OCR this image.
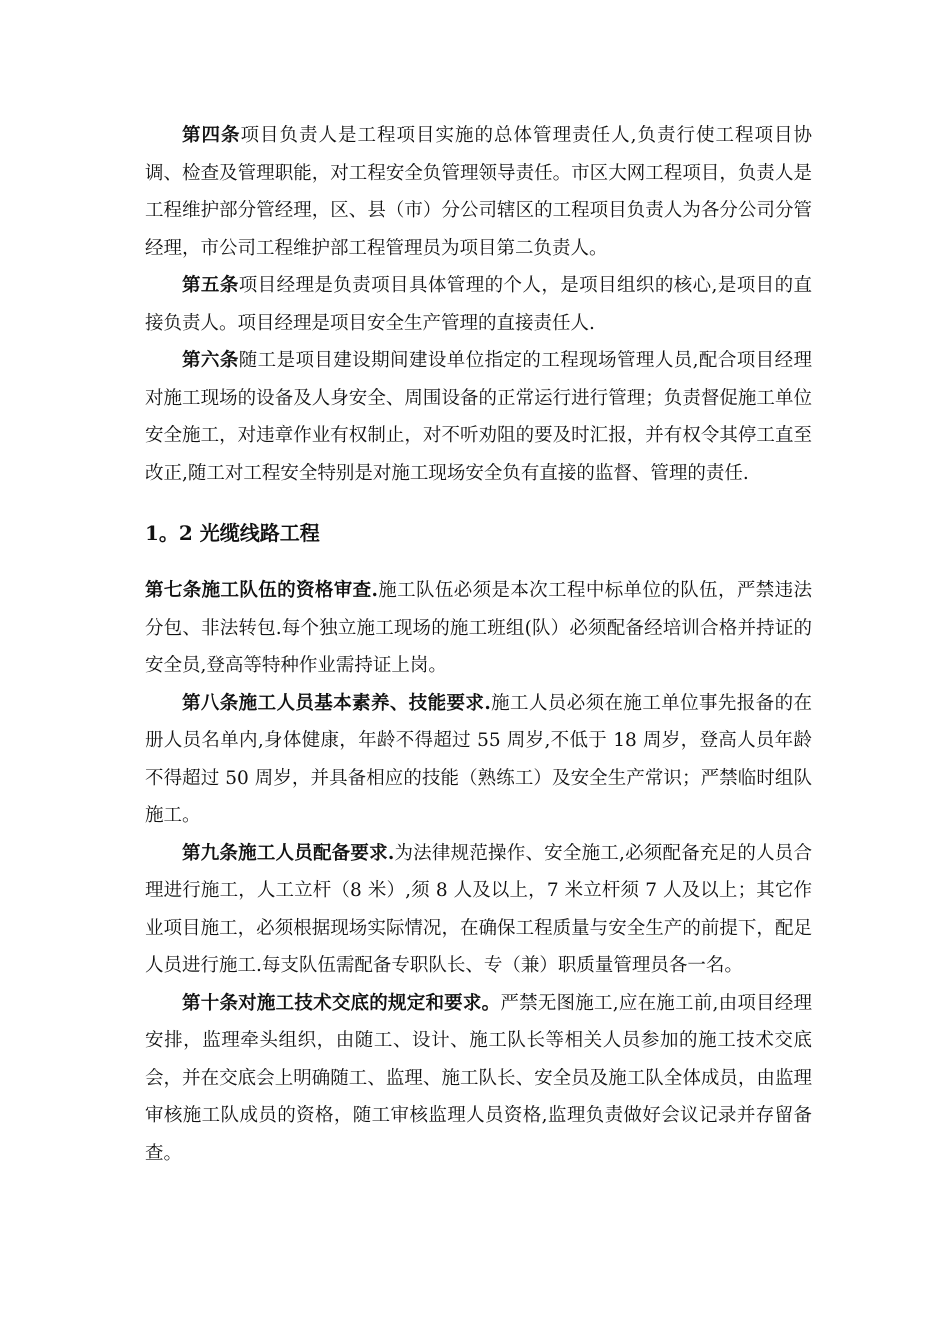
第四条项目负责人是工程项目实施的总体管理责任人,负责行使工程项目协调、检查及管理职能，对工程安全负管理领导责任。市区大网工程项目，负责人是工程维护部分管经理，区、县（市）分公司辖区的工程项目负责人为各分公司分管经理，市公司工程维护部工程管理员为项目第二负责人。

第五条项目经理是负责项目具体管理的个人，是项目组织的核心,是项目的直接负责人。项目经理是项目安全生产管理的直接责任人.

第六条随工是项目建设期间建设单位指定的工程现场管理人员,配合项目经理对施工现场的设备及人身安全、周围设备的正常运行进行管理；负责督促施工单位安全施工，对违章作业有权制止，对不听劝阻的要及时汇报，并有权令其停工直至改正,随工对工程安全特别是对施工现场安全负有直接的监督、管理的责任.

1。2 光缆线路工程

第七条施工队伍的资格审查.施工队伍必须是本次工程中标单位的队伍，严禁违法分包、非法转包.每个独立施工现场的施工班组(队）必须配备经培训合格并持证的安全员,登高等特种作业需持证上岗。

第八条施工人员基本素养、技能要求.施工人员必须在施工单位事先报备的在册人员名单内,身体健康，年龄不得超过 55 周岁,不低于 18 周岁，登高人员年龄不得超过 50 周岁，并具备相应的技能（熟练工）及安全生产常识；严禁临时组队施工。

第九条施工人员配备要求.为法律规范操作、安全施工,必须配备充足的人员合理进行施工，人工立杆（8 米）,须 8 人及以上，7 米立杆须 7 人及以上；其它作业项目施工，必须根据现场实际情况，在确保工程质量与安全生产的前提下，配足人员进行施工.每支队伍需配备专职队长、专（兼）职质量管理员各一名。

第十条对施工技术交底的规定和要求。严禁无图施工,应在施工前,由项目经理安排，监理牵头组织，由随工、设计、施工队长等相关人员参加的施工技术交底会，并在交底会上明确随工、监理、施工队长、安全员及施工队全体成员，由监理审核施工队成员的资格，随工审核监理人员资格,监理负责做好会议记录并存留备查。
